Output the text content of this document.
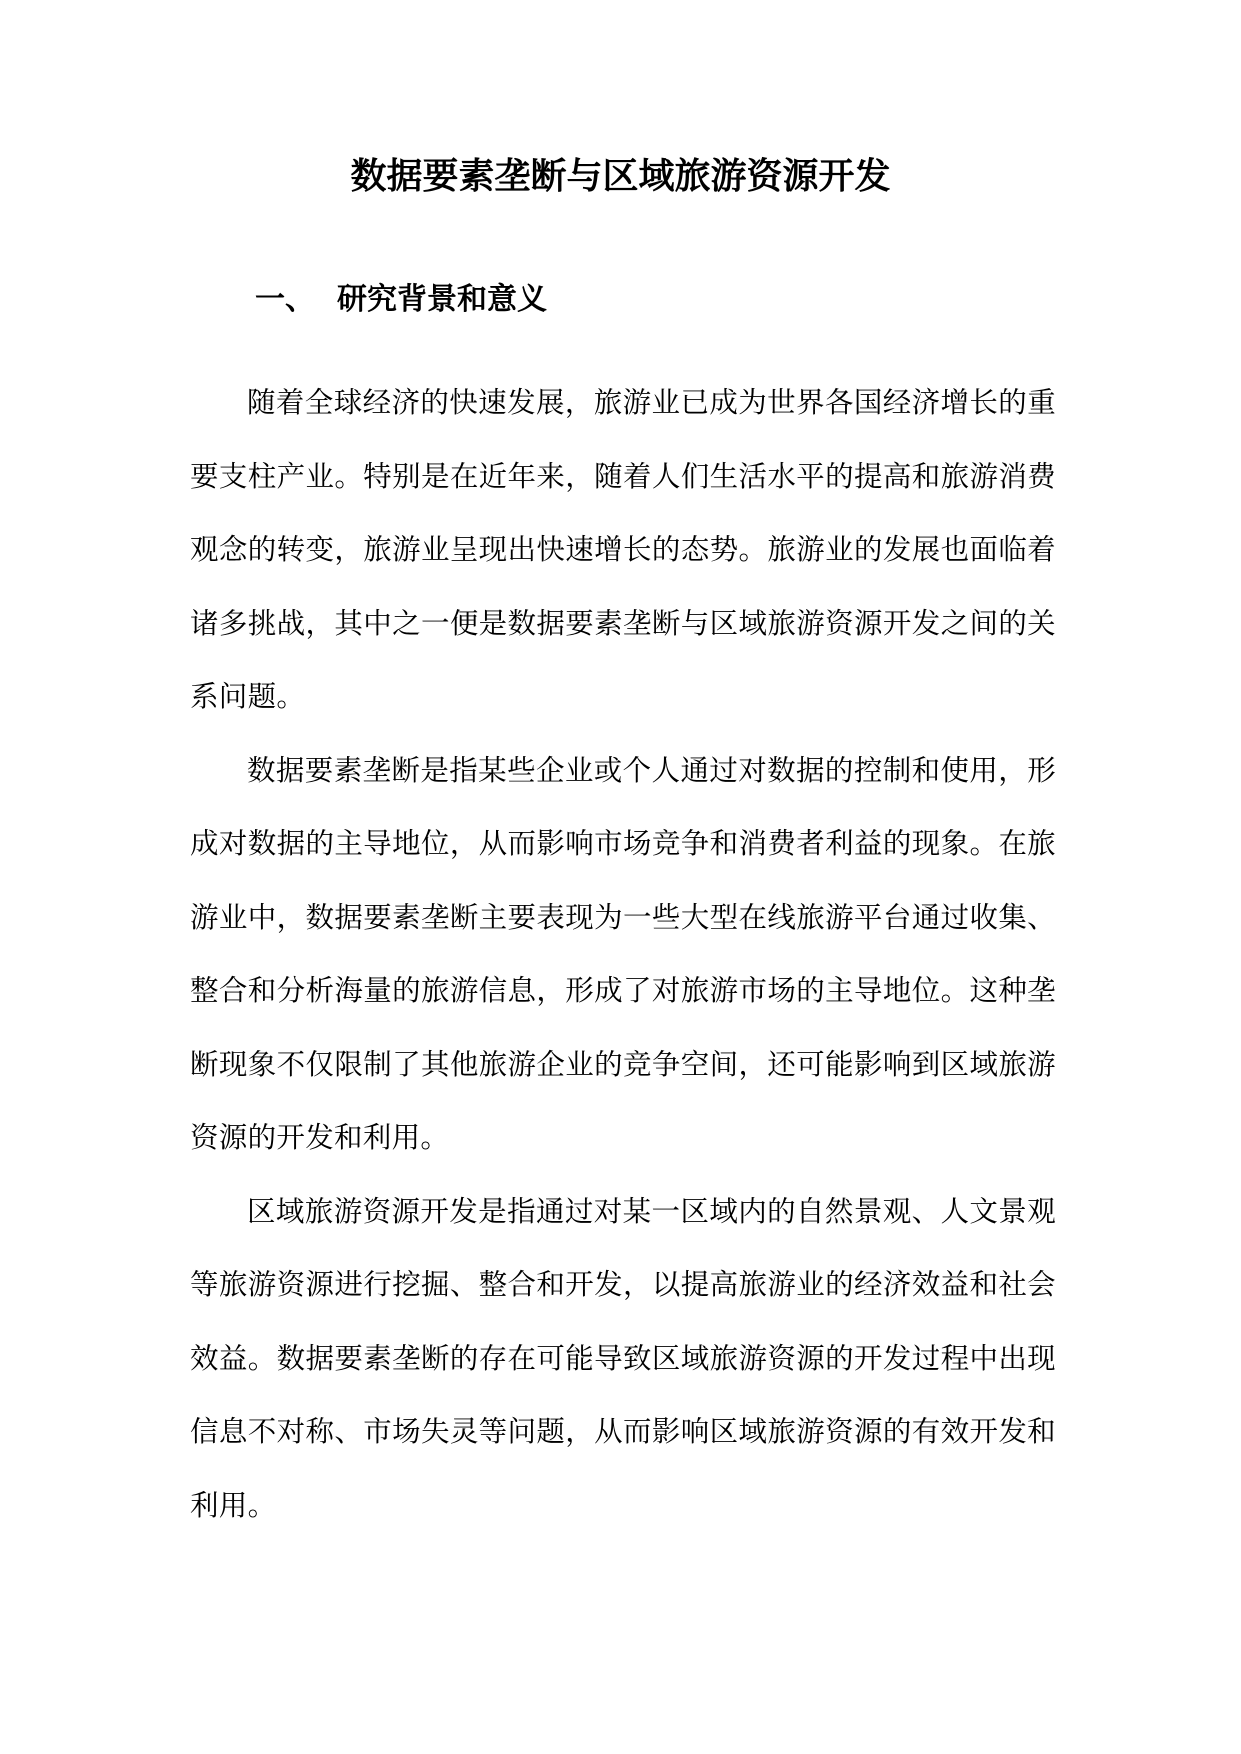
数据要素垄断与区域旅游资源开发
一、 研究背景和意义

随着全球经济的快速发展，旅游业已成为世界各国经济增长的重要支柱产业。特别是在近年来，随着人们生活水平的提高和旅游消费观念的转变，旅游业呈现出快速增长的态势。旅游业的发展也面临着诸多挑战，其中之一便是数据要素垄断与区域旅游资源开发之间的关系问题。

数据要素垄断是指某些企业或个人通过对数据的控制和使用，形成对数据的主导地位，从而影响市场竞争和消费者利益的现象。在旅游业中，数据要素垄断主要表现为一些大型在线旅游平台通过收集、整合和分析海量的旅游信息，形成了对旅游市场的主导地位。这种垄断现象不仅限制了其他旅游企业的竞争空间，还可能影响到区域旅游资源的开发和利用。

区域旅游资源开发是指通过对某一区域内的自然景观、人文景观等旅游资源进行挖掘、整合和开发，以提高旅游业的经济效益和社会效益。数据要素垄断的存在可能导致区域旅游资源的开发过程中出现信息不对称、市场失灵等问题，从而影响区域旅游资源的有效开发和利用。
